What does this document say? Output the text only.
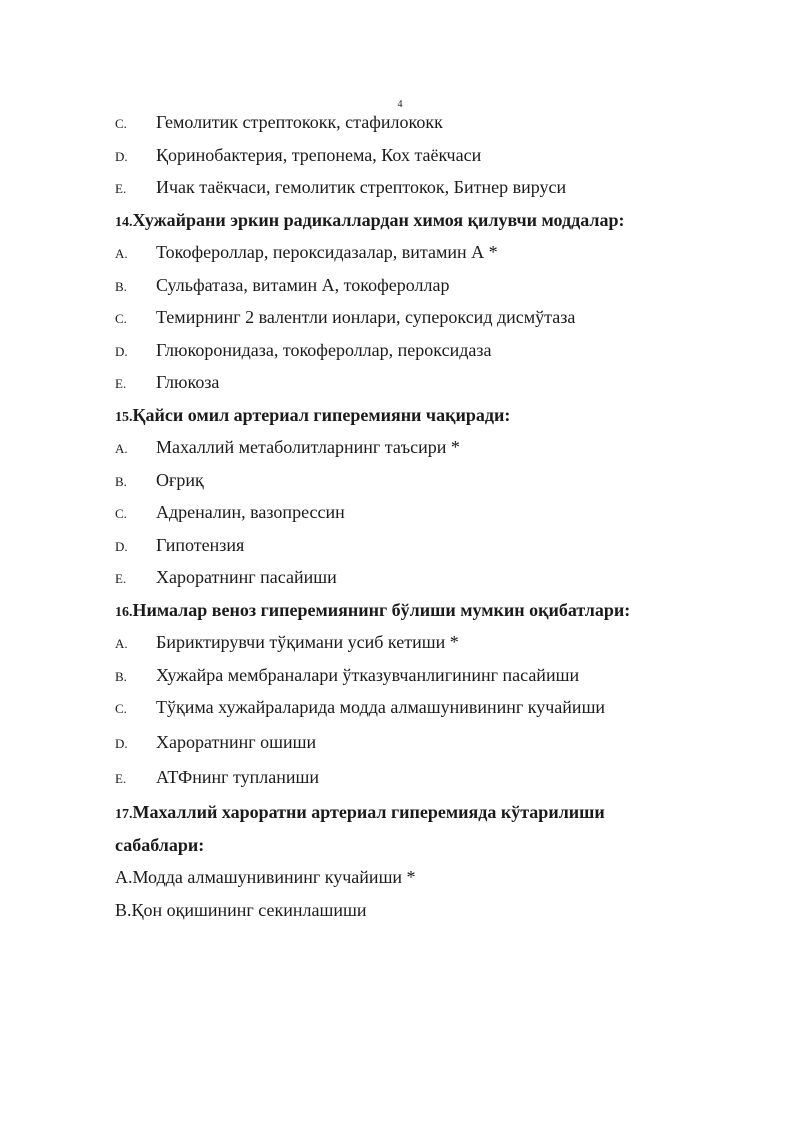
4
C.	Гемолитик стрептококк, стафилококк
D.	Қоринобактерия, трепонема, Кох таёкчаси
E.	Ичак таёкчаси, гемолитик стрептокок, Битнер вируси
14. Хужайрани эркин радикаллардан химоя қилувчи моддалар:
A.	Токофероллар, пероксидазалар, витамин А *
B.	Сульфатаза, витамин А, токофероллар
C.	Темирнинг 2 валентли ионлари, супероксид дисмўтаза
D.	Глюкоронидаза, токофероллар, пероксидаза
E.	Глюкоза
15. Қайси омил артериал гиперемияни чақиради:
A.	Махаллий метаболитларнинг таъсири *
B.	Оғриқ
C.	Адреналин, вазопрессин
D.	Гипотензия
E.	Хароратнинг пасайиши
16. Нималар веноз гиперемиянинг бўлиши мумкин оқибатлари:
A.	Бириктирувчи тўқимани усиб кетиши *
B.	Хужайра мембраналари ўтказувчанлигининг пасайиши
C.	Тўқима хужайраларида модда алмашунивининг кучайиши
D.	Харoратнинг ошиши
E.	АТФнинг тупланиши
17. Махаллий хароратни артериал гиперемияда кўтарилиши
сабаблари:
А.Модда алмашунивининг кучайиши *
В.Қон оқишининг секинлашиши
